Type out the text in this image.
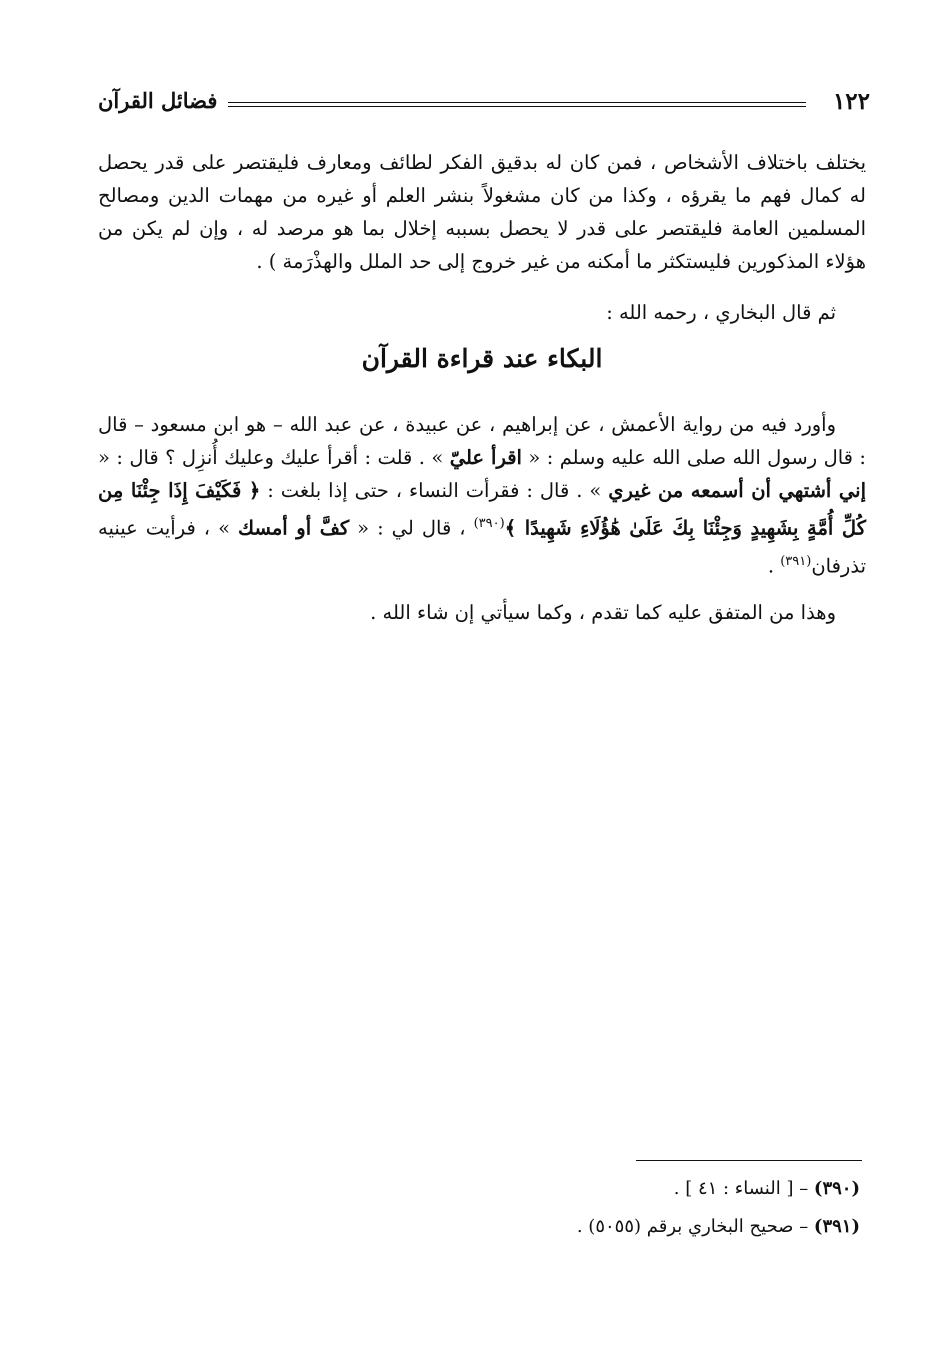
١٢٢
فضائل القرآن

يختلف باختلاف الأشخاص ، فمن كان له بدقيق الفكر لطائف ومعارف فليقتصر على قدر يحصل له كمال فهم ما يقرؤه ، وكذا من كان مشغولاً بنشر العلم أو غيره من مهمات الدين ومصالح المسلمين العامة فليقتصر على قدر لا يحصل بسببه إخلال بما هو مرصد له ، وإن لم يكن من هؤلاء المذكورين فليستكثر ما أمكنه من غير خروج إلى حد الملل والهذْرَمة ) .

ثم قال البخاري ، رحمه الله :

البكاء عند قراءة القرآن

وأورد فيه من رواية الأعمش ، عن إبراهيم ، عن عبيدة ، عن عبد الله – هو ابن مسعود – قال : قال رسول الله صلى الله عليه وسلم : « اقرأ عليّ » . قلت : أقرأ عليك وعليك أُنزِل ؟ قال : « إني أشتهي أن أسمعه من غيري » . قال : فقرأت النساء ، حتى إذا بلغت : ﴿ فَكَيْفَ إِذَا جِئْنَا مِن كُلِّ أُمَّةٍ بِشَهِيدٍ وَجِئْنَا بِكَ عَلَىٰ هَٰؤُلَاءِ شَهِيدًا ﴾$^{(٣٩٠)}$ ، قال لي : « كفَّ أو أمسك » ، فرأيت عينيه تذرفان$^{(٣٩١)}$ .

وهذا من المتفق عليه كما تقدم ، وكما سيأتي إن شاء الله .

(٣٩٠) – [ النساء : ٤١ ] .
(٣٩١) – صحيح البخاري برقم (٥٠٥٥) .
